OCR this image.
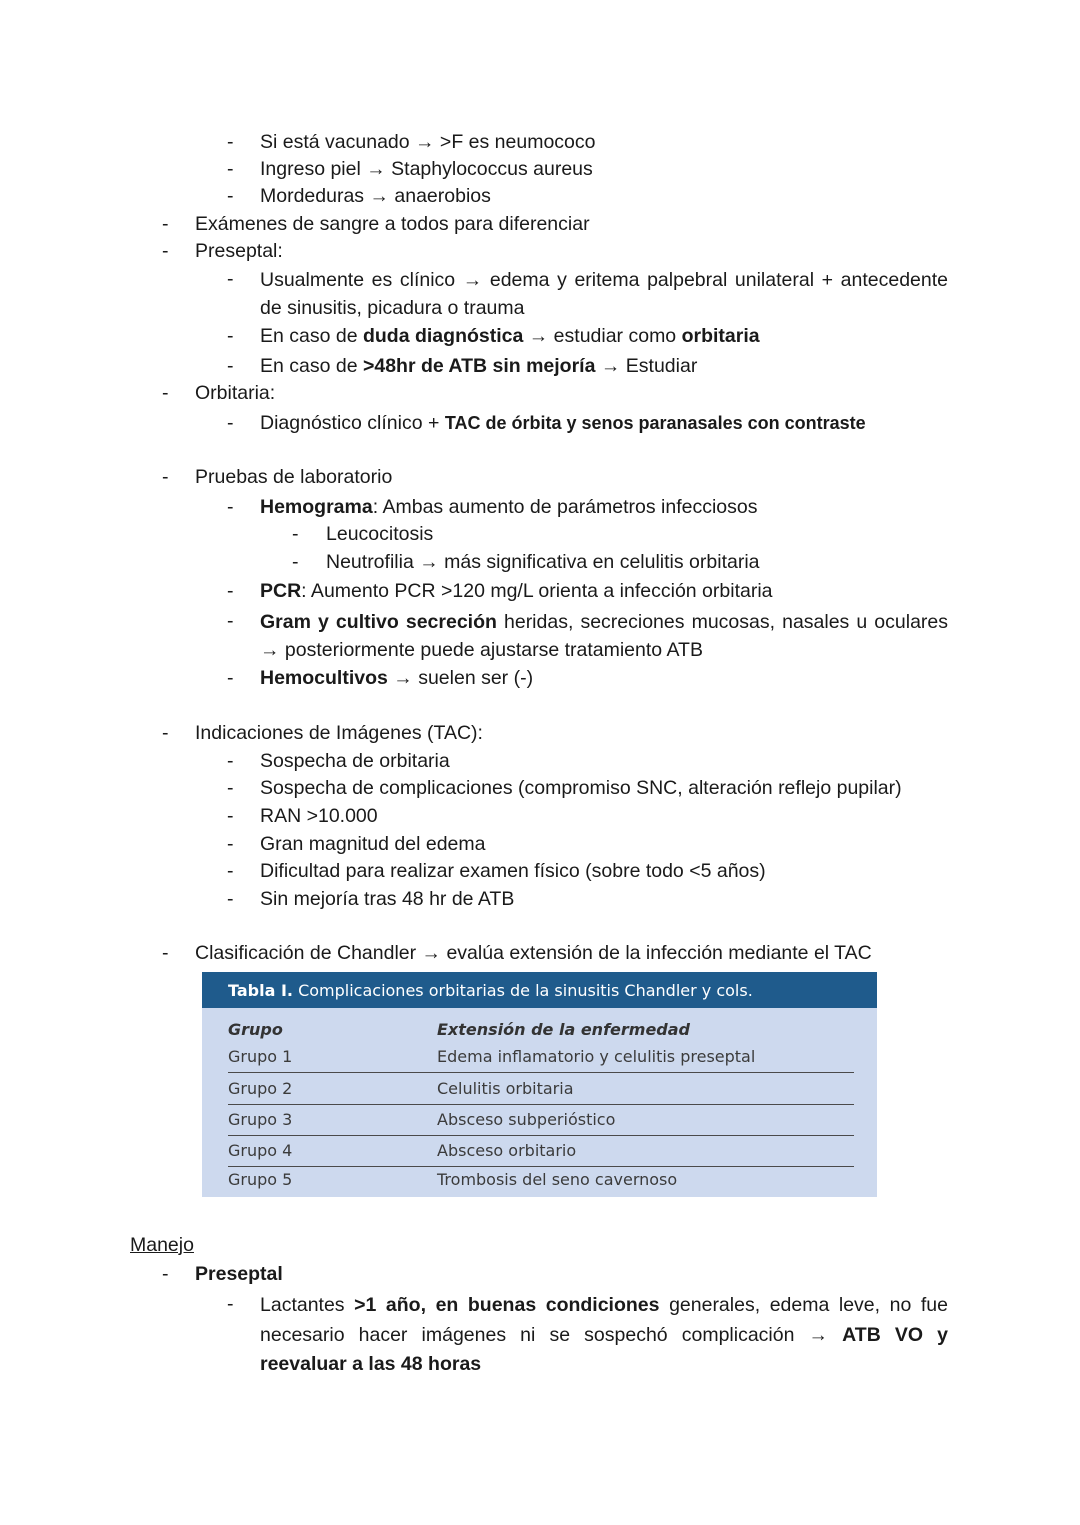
- Si está vacunado → >F es neumococo
- Ingreso piel → Staphylococcus aureus
- Mordeduras → anaerobios
- Exámenes de sangre a todos para diferenciar
- Preseptal:
- Usualmente es clínico → edema y eritema palpebral unilateral + antecedente de sinusitis, picadura o trauma
- En caso de duda diagnóstica → estudiar como orbitaria
- En caso de >48hr de ATB sin mejoría → Estudiar
- Orbitaria:
- Diagnóstico clínico + TAC de órbita y senos paranasales con contraste
- Pruebas de laboratorio
- Hemograma: Ambas aumento de parámetros infecciosos
- Leucocitosis
- Neutrofilia → más significativa en celulitis orbitaria
- PCR: Aumento PCR >120 mg/L orienta a infección orbitaria
- Gram y cultivo secreción heridas, secreciones mucosas, nasales u oculares → posteriormente puede ajustarse tratamiento ATB
- Hemocultivos → suelen ser (-)
- Indicaciones de Imágenes (TAC):
- Sospecha de orbitaria
- Sospecha de complicaciones (compromiso SNC, alteración reflejo pupilar)
- RAN >10.000
- Gran magnitud del edema
- Dificultad para realizar examen físico (sobre todo <5 años)
- Sin mejoría tras 48 hr de ATB
- Clasificación de Chandler → evalúa extensión de la infección mediante el TAC
Tabla I. Complicaciones orbitarias de la sinusitis Chandler y cols.
Grupo	Extensión de la enfermedad
Grupo 1	Edema inflamatorio y celulitis preseptal
Grupo 2	Celulitis orbitaria
Grupo 3	Absceso subperióstico
Grupo 4	Absceso orbitario
Grupo 5	Trombosis del seno cavernoso
Manejo
- Preseptal
- Lactantes >1 año, en buenas condiciones generales, edema leve, no fue necesario hacer imágenes ni se sospechó complicación → ATB VO y reevaluar a las 48 horas
